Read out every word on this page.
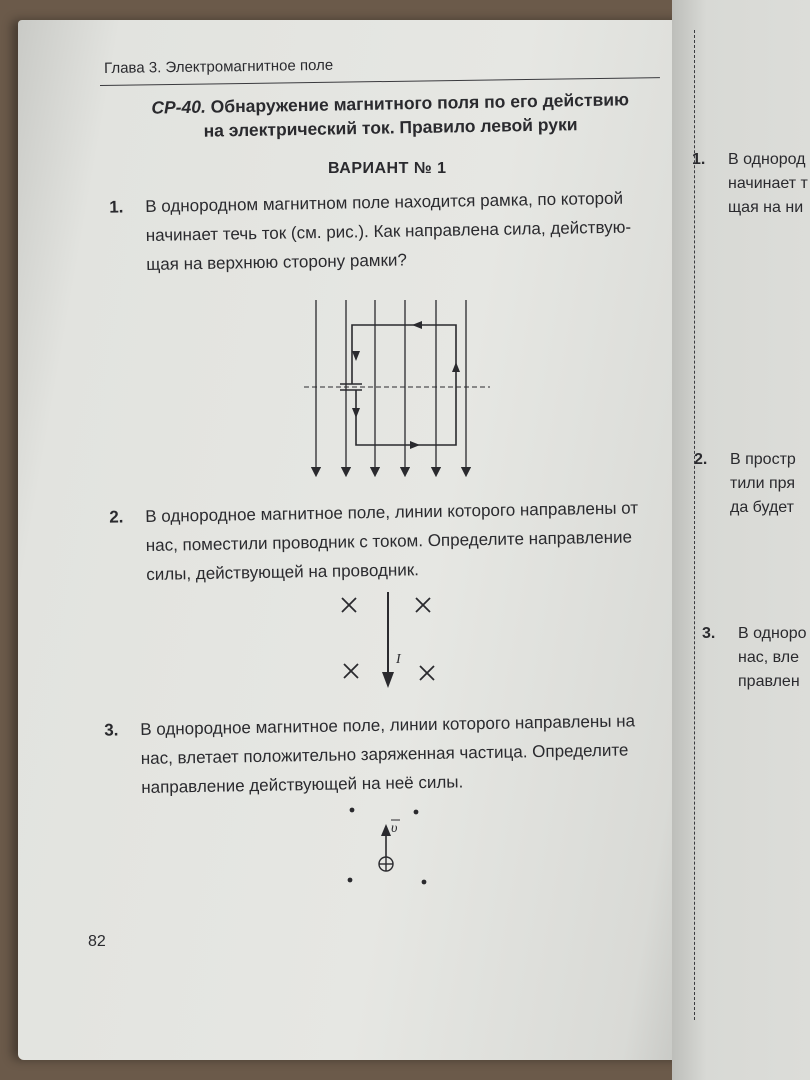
1. В однород
начинает т
щая на ни
2. В простр
тили пря
да будет
3. В одноро
нас, вле
правлен
Глава 3. Электромагнитное поле
СР-40. Обнаружение магнитного поля по его действию
на электрический ток. Правило левой руки
ВАРИАНТ № 1
1. В однородном магнитном поле находится рамка, по которой
начинает течь ток (см. рис.). Как направлена сила, действую-
щая на верхнюю сторону рамки?
2. В однородное магнитное поле, линии которого направлены от
нас, поместили проводник с током. Определите направление
силы, действующей на проводник.
I
3. В однородное магнитное поле, линии которого направлены на
нас, влетает положительно заряженная частица. Определите
направление действующей на неё силы.
υ
82
